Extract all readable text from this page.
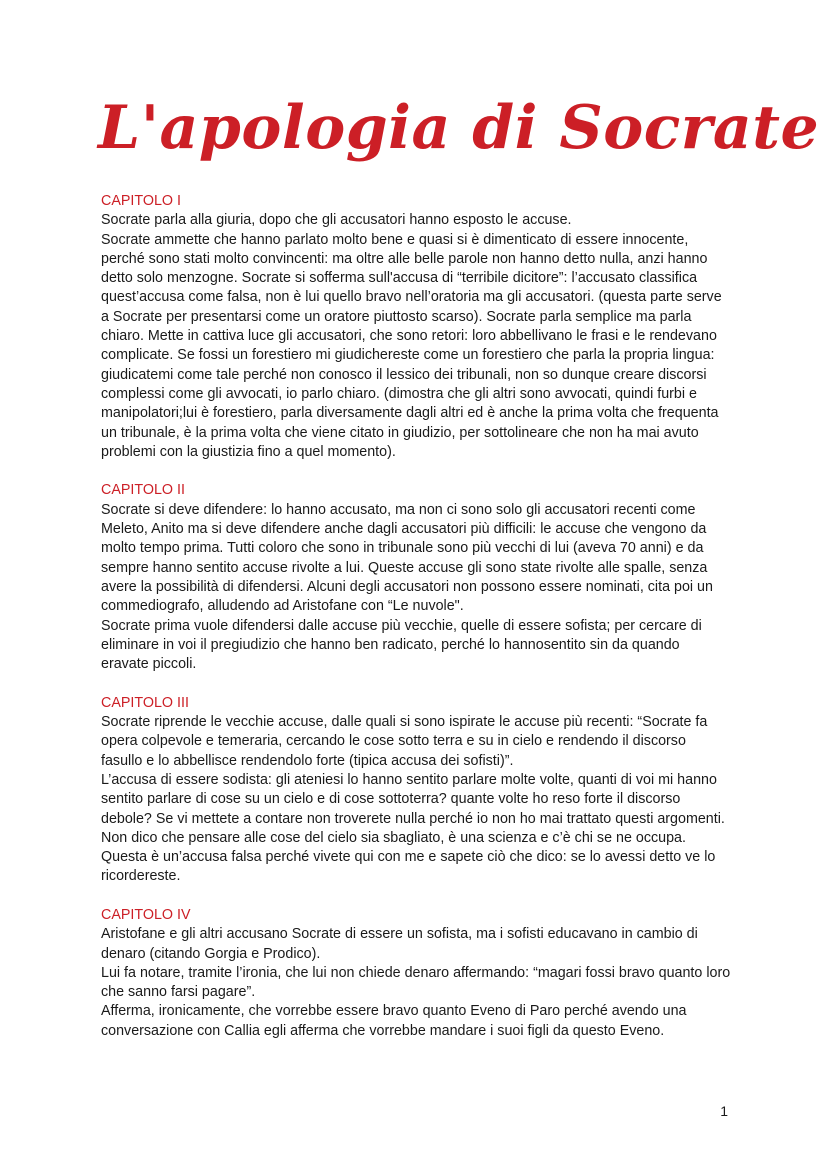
L'apologia di Socrate
CAPITOLO I

Socrate parla alla giuria, dopo che gli accusatori hanno esposto le accuse.

Socrate ammette che hanno parlato molto bene e quasi si è dimenticato di essere innocente, perché sono stati molto convincenti: ma oltre alle belle parole non hanno detto nulla, anzi hanno detto solo menzogne. Socrate si sofferma sull'accusa di “terribile dicitore”: l’accusato classifica quest’accusa come falsa, non è lui quello bravo nell’oratoria ma gli accusatori. (questa parte serve a Socrate per presentarsi come un oratore piuttosto scarso). Socrate parla semplice ma parla chiaro. Mette in cattiva luce gli accusatori, che sono retori: loro abbellivano le frasi e le rendevano complicate. Se fossi un forestiero mi giudichereste come un forestiero che parla la propria lingua: giudicatemi come tale perché non conosco il lessico dei tribunali, non so dunque creare discorsi complessi come gli avvocati, io parlo chiaro. (dimostra che gli altri sono avvocati, quindi furbi e manipolatori;lui è forestiero, parla diversamente dagli altri ed è anche la prima volta che frequenta un tribunale, è la prima volta che viene citato in giudizio, per sottolineare che non ha mai avuto problemi con la giustizia fino a quel momento).

CAPITOLO II

Socrate si deve difendere: lo hanno accusato, ma non ci sono solo gli accusatori recenti come Meleto, Anito ma si deve difendere anche dagli accusatori più difficili: le accuse che vengono da molto tempo prima. Tutti coloro che sono in tribunale sono più vecchi di lui (aveva 70 anni) e da sempre hanno sentito accuse rivolte a lui. Queste accuse gli sono state rivolte alle spalle, senza avere la possibilità di difendersi. Alcuni degli accusatori non possono essere nominati, cita poi un commediografo, alludendo ad Aristofane con “Le nuvole".

Socrate prima vuole difendersi dalle accuse più vecchie, quelle di essere sofista; per cercare di eliminare in voi il pregiudizio che hanno ben radicato, perché lo hannosentito sin da quando eravate piccoli.

CAPITOLO III

Socrate riprende le vecchie accuse, dalle quali si sono ispirate le accuse più recenti: “Socrate fa opera colpevole e temeraria, cercando le cose sotto terra e su in cielo e rendendo il discorso fasullo e lo abbellisce rendendolo forte (tipica accusa dei sofisti)”.

L’accusa di essere sodista: gli ateniesi lo hanno sentito parlare molte volte, quanti di voi mi hanno sentito parlare di cose su un cielo e di cose sottoterra? quante volte ho reso forte il discorso debole? Se vi mettete a contare non troverete nulla perché io non ho mai trattato questi argomenti. Non dico che pensare alle cose del cielo sia sbagliato, è una scienza e c’è chi se ne occupa. Questa è un’accusa falsa perché vivete qui con me e sapete ciò che dico: se lo avessi detto ve lo ricordereste.

CAPITOLO IV

Aristofane e gli altri accusano Socrate di essere un sofista, ma i sofisti educavano in cambio di denaro (citando Gorgia e Prodico).

Lui fa notare, tramite l’ironia, che lui non chiede denaro affermando: “magari fossi bravo quanto loro che sanno farsi pagare”.

Afferma, ironicamente, che vorrebbe essere bravo quanto Eveno di Paro perché avendo una conversazione con Callia egli afferma che vorrebbe mandare i suoi figli da questo Eveno.

1
